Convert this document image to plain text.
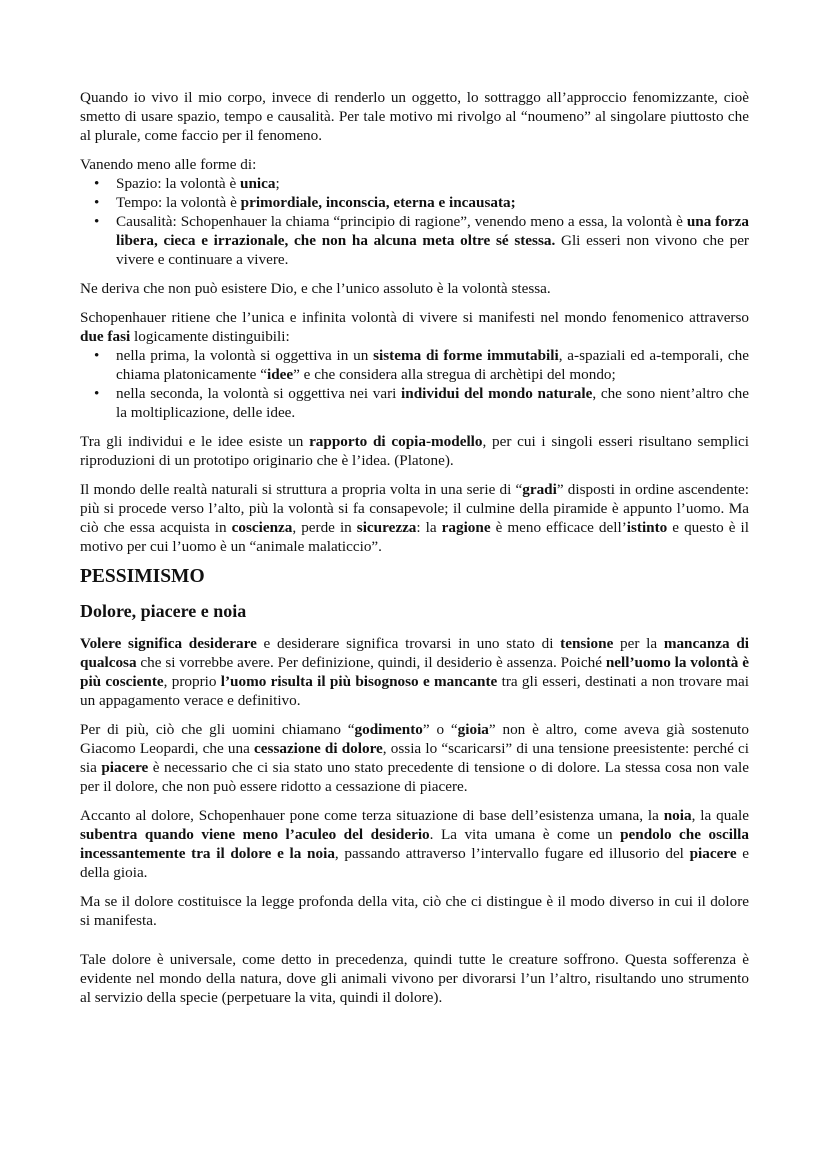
Quando io vivo il mio corpo, invece di renderlo un oggetto, lo sottraggo all’approccio fenomizzante, cioè smetto di usare spazio, tempo e causalità. Per tale motivo mi rivolgo al “noumeno” al singolare piuttosto che al plurale, come faccio per il fenomeno.

Vanendo meno alle forme di:

• Spazio: la volontà è unica;
• Tempo: la volontà è primordiale, inconscia, eterna e incausata;
• Causalità: Schopenhauer la chiama “principio di ragione”, venendo meno a essa, la volontà è una forza libera, cieca e irrazionale, che non ha alcuna meta oltre sé stessa. Gli esseri non vivono che per vivere e continuare a vivere.

Ne deriva che non può esistere Dio, e che l’unico assoluto è la volontà stessa.

Schopenhauer ritiene che l’unica e infinita volontà di vivere si manifesti nel mondo fenomenico attraverso due fasi logicamente distinguibili:

• nella prima, la volontà si oggettiva in un sistema di forme immutabili, a-spaziali ed a-temporali, che chiama platonicamente “idee” e che considera alla stregua di archètipi del mondo;
• nella seconda, la volontà si oggettiva nei vari individui del mondo naturale, che sono nient’altro che la moltiplicazione, delle idee.

Tra gli individui e le idee esiste un rapporto di copia-modello, per cui i singoli esseri risultano semplici riproduzioni di un prototipo originario che è l’idea. (Platone).

Il mondo delle realtà naturali si struttura a propria volta in una serie di “gradi” disposti in ordine ascendente: più si procede verso l’alto, più la volontà si fa consapevole; il culmine della piramide è appunto l’uomo. Ma ciò che essa acquista in coscienza, perde in sicurezza: la ragione è meno efficace dell’istinto e questo è il motivo per cui l’uomo è un “animale malaticcio”.

PESSIMISMO
Dolore, piacere e noia

Volere significa desiderare e desiderare significa trovarsi in uno stato di tensione per la mancanza di qualcosa che si vorrebbe avere. Per definizione, quindi, il desiderio è assenza. Poiché nell’uomo la volontà è più cosciente, proprio l’uomo risulta il più bisognoso e mancante tra gli esseri, destinati a non trovare mai un appagamento verace e definitivo.

Per di più, ciò che gli uomini chiamano “godimento” o “gioia” non è altro, come aveva già sostenuto Giacomo Leopardi, che una cessazione di dolore, ossia lo “scaricarsi” di una tensione preesistente: perché ci sia piacere è necessario che ci sia stato uno stato precedente di tensione o di dolore. La stessa cosa non vale per il dolore, che non può essere ridotto a cessazione di piacere.

Accanto al dolore, Schopenhauer pone come terza situazione di base dell’esistenza umana, la noia, la quale subentra quando viene meno l’aculeo del desiderio. La vita umana è come un pendolo che oscilla incessantemente tra il dolore e la noia, passando attraverso l’intervallo fugare ed illusorio del piacere e della gioia.

Ma se il dolore costituisce la legge profonda della vita, ciò che ci distingue è il modo diverso in cui il dolore si manifesta.

Tale dolore è universale, come detto in precedenza, quindi tutte le creature soffrono. Questa sofferenza è evidente nel mondo della natura, dove gli animali vivono per divorarsi l’un l’altro, risultando uno strumento al servizio della specie (perpetuare la vita, quindi il dolore).
